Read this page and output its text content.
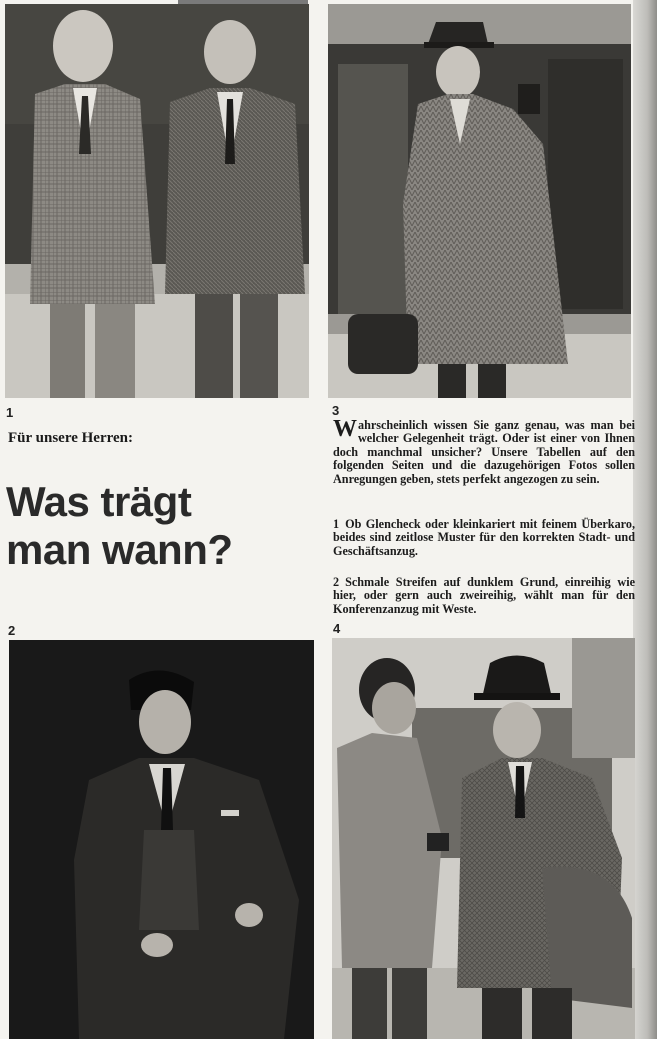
1	3
Für unsere Herren:
Was trägt
man wann?
Wahrscheinlich wissen Sie ganz genau, was man bei welcher Gelegenheit trägt. Oder ist einer von Ihnen doch manchmal unsicher? Unsere Tabellen auf den folgenden Seiten und die dazugehörigen Fotos sollen Anregungen geben, stets perfekt angezogen zu sein.
1 Ob Glencheck oder kleinkariert mit feinem Überkaro, beides sind zeitlose Muster für den korrekten Stadt- und Geschäftsanzug.
2 Schmale Streifen auf dunklem Grund, einreihig wie hier, oder gern auch zweireihig, wählt man für den Konferenzanzug mit Weste.
2	4
